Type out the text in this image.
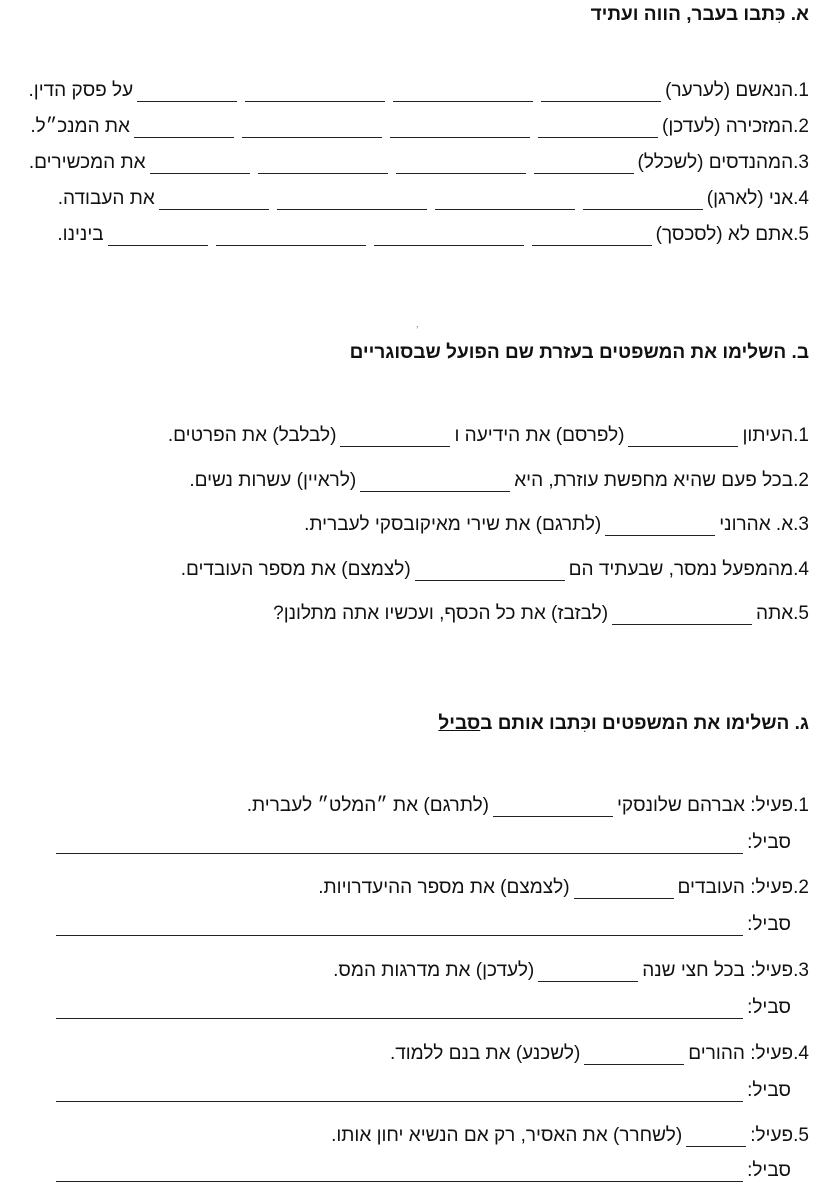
א. כִּתבו בעבר, הווה ועתיד
1.
הנאשם (לערער)
על פסק הדין.
2.
המזכירה (לעדכן)
את המנכ״ל.
3.
המהנדסים (לשכלל)
את המכשירים.
4.
אני (לארגן)
את העבודה.
5.
אתם לא (לסכסך)
בינינו.
,
ב. השלימו את המשפטים בעזרת שם הפועל שבסוגריים
1.
העיתון
(לפרסם) את הידיעה ו
(לבלבל) את הפרטים.
2.
בכל פעם שהיא מחפשת עוזרת, היא
(לראיין) עשרות נשים.
3.
א. אהרוני
(לתרגם) את שירי מאיקובסקי לעברית.
4.
מהמפעל נמסר, שבעתיד הם
(לצמצם) את מספר העובדים.
5.
אתה
(לבזבז) את כל הכסף, ועכשיו אתה מתלונן?
ג. השלימו את המשפטים וכִּתבו אותם בסביל
1.
פעיל:

אברהם שלונסקי
(לתרגם) את ״המלט״ לעברית.
סביל:
2.
פעיל:

העובדים
(לצמצם) את מספר ההיעדרויות.
סביל:
3.
פעיל:

בכל חצי שנה
(לעדכן) את מדרגות המס.
סביל:
4.
פעיל:

ההורים
(לשכנע) את בנם ללמוד.
סביל:
5.
פעיל:
(לשחרר) את האסיר, רק אם הנשיא יחון אותו.
סביל:
